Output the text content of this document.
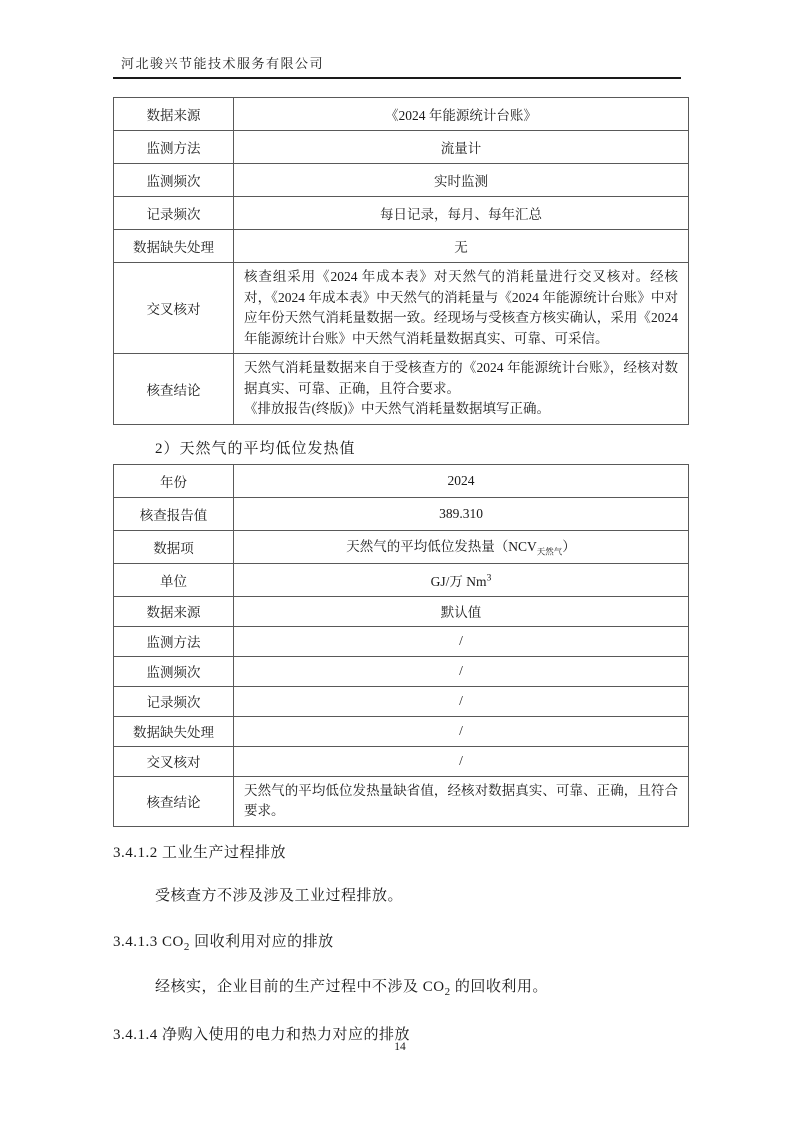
河北骏兴节能技术服务有限公司
数据来源	《2024 年能源统计台账》
监测方法	流量计
监测频次	实时监测
记录频次	每日记录，每月、每年汇总
数据缺失处理	无
交叉核对	核查组采用《2024 年成本表》对天然气的消耗量进行交叉核对。经核对，《2024 年成本表》中天然气的消耗量与《2024 年能源统计台账》中对应年份天然气消耗量数据一致。经现场与受核查方核实确认，采用《2024 年能源统计台账》中天然气消耗量数据真实、可靠、可采信。
核查结论	天然气消耗量数据来自于受核查方的《2024 年能源统计台账》，经核对数据真实、可靠、正确，且符合要求。
《排放报告(终版)》中天然气消耗量数据填写正确。
2）天然气的平均低位发热值
年份	2024
核查报告值	389.310
数据项	天然气的平均低位发热量$(NCV_{天然气})$
单位	GJ/万 Nm$^3$
数据来源	默认值
监测方法	/
监测频次	/
记录频次	/
数据缺失处理	/
交叉核对	/
核查结论	天然气的平均低位发热量缺省值，经核对数据真实、可靠、正确，且符合要求。
3.4.1.2 工业生产过程排放
受核查方不涉及涉及工业过程排放。
3.4.1.3 $CO_2$ 回收利用对应的排放
经核实，企业目前的生产过程中不涉及 $CO_2$ 的回收利用。
3.4.1.4 净购入使用的电力和热力对应的排放
14
